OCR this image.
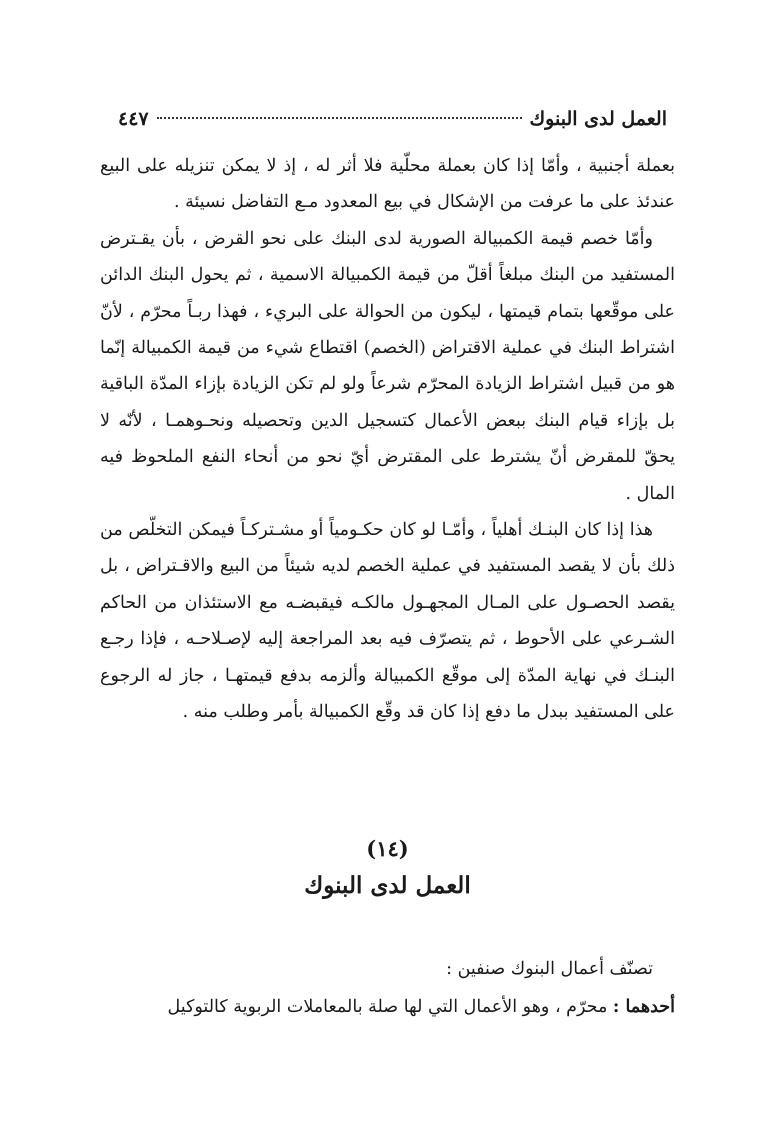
العمل لدى البنوك
٤٤٧

بعملة أجنبية ، وأمّا إذا كان بعملة محلّية فلا أثر له ، إذ لا يمكن تنزيله على البيع عندئذ على ما عرفت من الإشكال في بيع المعدود مـع التفاضل نسيئة .

وأمّا خصم قيمة الكمبيالة الصورية لدى البنك على نحو القرض ، بأن يقـترض المستفيد من البنك مبلغاً أقلّ من قيمة الكمبيالة الاسمية ، ثم يحول البنك الدائن على موقّعها بتمام قيمتها ، ليكون من الحوالة على البريء ، فهذا ربـاً محرّم ، لأنّ اشتراط البنك في عملية الاقتراض (الخصم) اقتطاع شيء من قيمة الكمبيالة إنّما هو من قبيل اشتراط الزيادة المحرّم شرعاً ولو لم تكن الزيادة بإزاء المدّة الباقية بل بإزاء قيام البنك ببعض الأعمال كتسجيل الدين وتحصيله ونحـوهمـا ، لأنّه لا يحقّ للمقرض أنّ يشترط على المقترض أيّ نحو من أنحاء النفع الملحوظ فيه المال .

هذا إذا كان البنـك أهلياً ، وأمّـا لو كان حكـومياً أو مشـتركـاً فيمكن التخلّص من ذلك بأن لا يقصد المستفيد في عملية الخصم لديه شيئاً من البيع والاقـتراض ، بل يقصد الحصـول على المـال المجهـول مالكـه فيقبضـه مع الاستئذان من الحاكم الشـرعي على الأحوط ، ثم يتصرّف فيه بعد المراجعة إليه لإصـلاحـه ، فإذا رجـع البنـك في نهاية المدّة إلى موقّع الكمبيالة وألزمه بدفع قيمتهـا ، جاز له الرجوع على المستفيد ببدل ما دفع إذا كان قد وقّع الكمبيالة بأمر وطلب منه .

(١٤)
العمل لدى البنوك

تصنّف أعمال البنوك صنفين :

أحدهما : محرّم ، وهو الأعمال التي لها صلة بالمعاملات الربوية كالتوكيل
